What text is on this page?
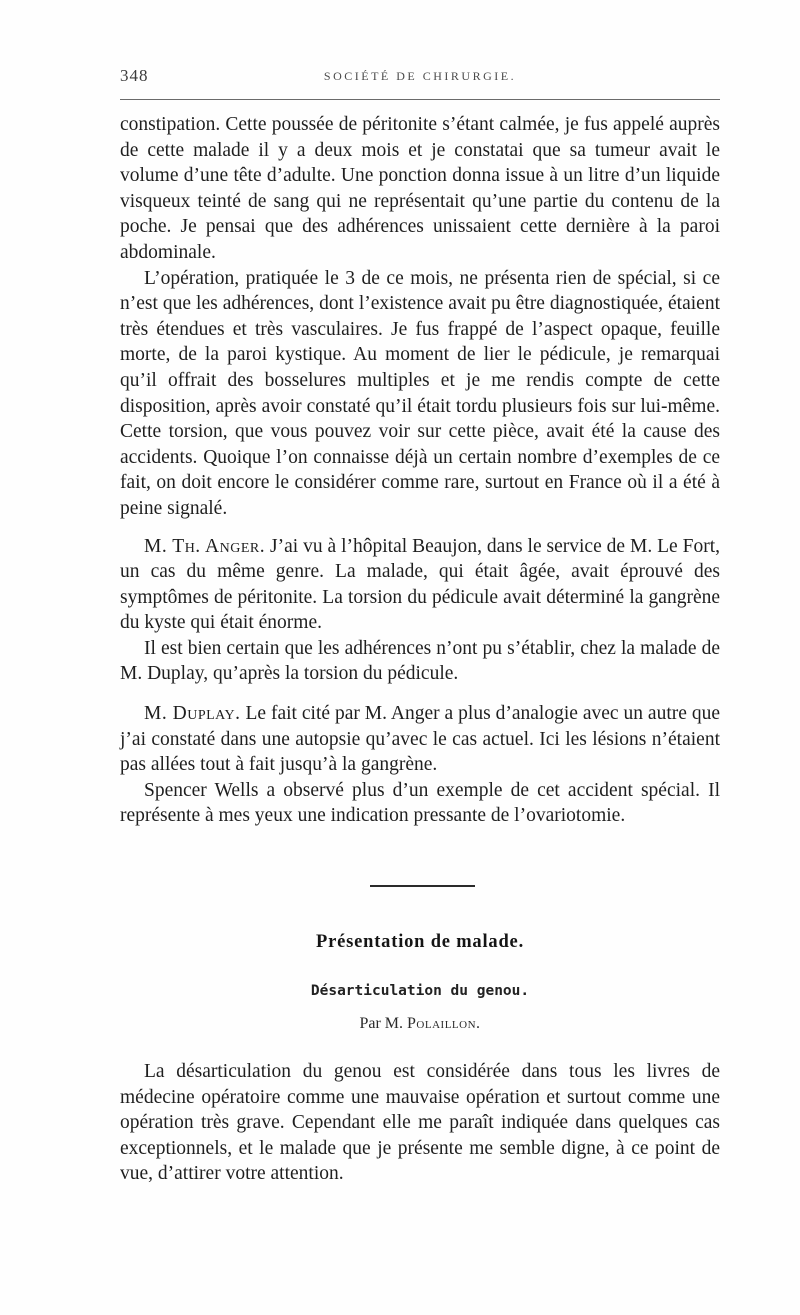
348	SOCIÉTÉ DE CHIRURGIE.

constipation. Cette poussée de péritonite s’étant calmée, je fus appelé auprès de cette malade il y a deux mois et je constatai que sa tumeur avait le volume d’une tête d’adulte. Une ponction donna issue à un litre d’un liquide visqueux teinté de sang qui ne représentait qu’une partie du contenu de la poche. Je pensai que des adhérences unissaient cette dernière à la paroi abdominale.

L’opération, pratiquée le 3 de ce mois, ne présenta rien de spécial, si ce n’est que les adhérences, dont l’existence avait pu être diagnostiquée, étaient très étendues et très vasculaires. Je fus frappé de l’aspect opaque, feuille morte, de la paroi kystique. Au moment de lier le pédicule, je remarquai qu’il offrait des bosselures multiples et je me rendis compte de cette disposition, après avoir constaté qu’il était tordu plusieurs fois sur lui-même. Cette torsion, que vous pouvez voir sur cette pièce, avait été la cause des accidents. Quoique l’on connaisse déjà un certain nombre d’exemples de ce fait, on doit encore le considérer comme rare, surtout en France où il a été à peine signalé.

M. Th. Anger. J’ai vu à l’hôpital Beaujon, dans le service de M. Le Fort, un cas du même genre. La malade, qui était âgée, avait éprouvé des symptômes de péritonite. La torsion du pédicule avait déterminé la gangrène du kyste qui était énorme.

Il est bien certain que les adhérences n’ont pu s’établir, chez la malade de M. Duplay, qu’après la torsion du pédicule.

M. Duplay. Le fait cité par M. Anger a plus d’analogie avec un autre que j’ai constaté dans une autopsie qu’avec le cas actuel. Ici les lésions n’étaient pas allées tout à fait jusqu’à la gangrène.

Spencer Wells a observé plus d’un exemple de cet accident spécial. Il représente à mes yeux une indication pressante de l’ovariotomie.

Présentation de malade.
Désarticulation du genou.
Par M. Polaillon.

La désarticulation du genou est considérée dans tous les livres de médecine opératoire comme une mauvaise opération et surtout comme une opération très grave. Cependant elle me paraît indiquée dans quelques cas exceptionnels, et le malade que je présente me semble digne, à ce point de vue, d’attirer votre attention.
